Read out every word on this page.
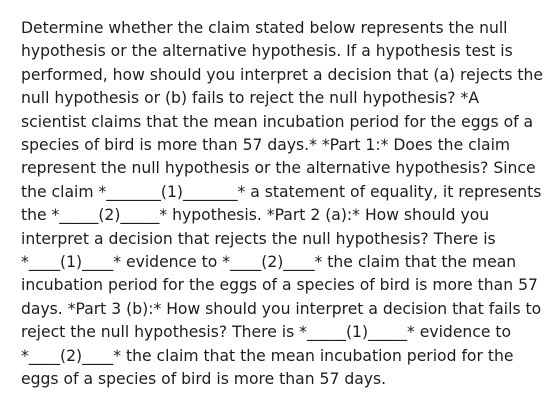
Determine whether the claim stated below represents the null hypothesis or the alternative hypothesis. If a hypothesis test is performed, how should you interpret a decision that (a) rejects the null hypothesis or (b) fails to reject the null hypothesis? *A scientist claims that the mean incubation period for the eggs of a species of bird is more than 57 days.* *Part 1:* Does the claim represent the null hypothesis or the alternative hypothesis? Since the claim *_______(1)_______* a statement of equality, it represents the *_____(2)_____* hypothesis. *Part 2 (a):* How should you interpret a decision that rejects the null hypothesis? There is *____(1)____* evidence to *____(2)____* the claim that the mean incubation period for the eggs of a species of bird is more than 57 days. *Part 3 (b):* How should you interpret a decision that fails to reject the null hypothesis? There is *_____(1)_____* evidence to *____(2)____* the claim that the mean incubation period for the eggs of a species of bird is more than 57 days.
